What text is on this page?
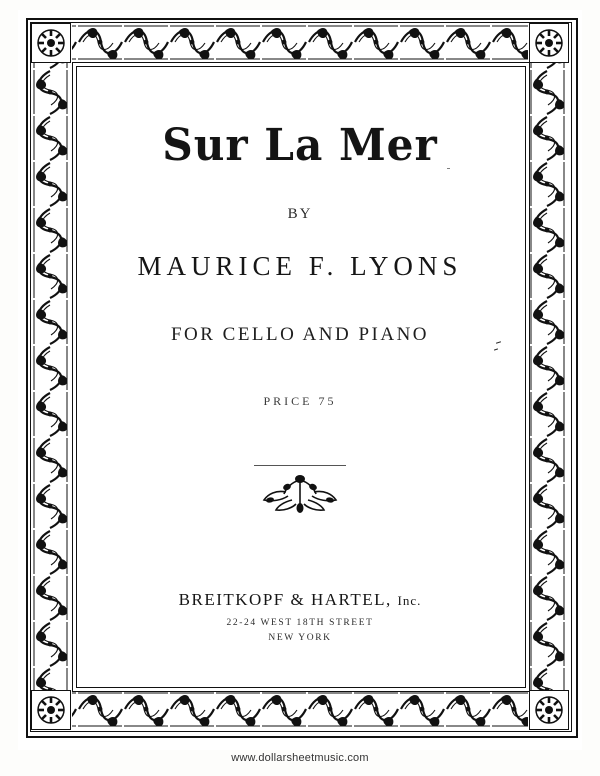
Sur La Mer
BY
MAURICE F. LYONS
FOR CELLO AND PIANO
PRICE 75
BREITKOPF & HARTEL, Inc.
22-24 WEST 18TH STREET
NEW YORK
www.dollarsheetmusic.com
